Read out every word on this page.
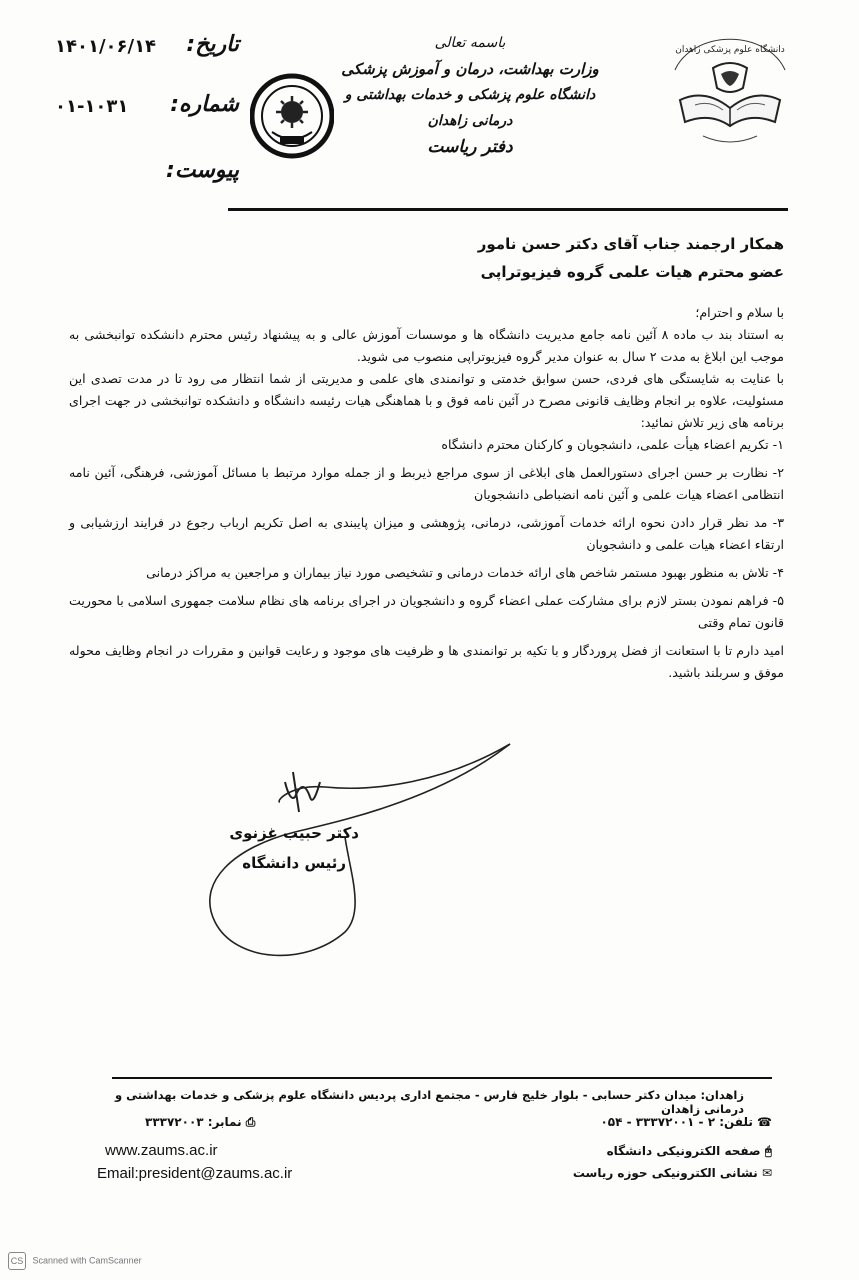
تاریخ:
شماره:
پیوست:
۱۴۰۱/۰۶/۱۴
۰۱-۱۰۳۱
باسمه تعالی
وزارت بهداشت، درمان و آموزش پزشکی
دانشگاه علوم پزشکی و خدمات بهداشتی و درمانی زاهدان
دفتر ریاست
دانشگاه علوم پزشکی زاهدان
همکار ارجمند جناب آقای دکتر حسن نامور
عضو محترم هیات علمی گروه فیزیوتراپی

با سلام و احترام؛

به استناد بند ب ماده ۸ آئین نامه جامع مدیریت دانشگاه ها و موسسات آموزش عالی و به پیشنهاد رئیس محترم دانشکده توانبخشی به موجب این ابلاغ به مدت ۲ سال به عنوان مدیر گروه فیزیوتراپی منصوب می شوید.

با عنایت به شایستگی های فردی، حسن سوابق خدمتی و توانمندی های علمی و مدیریتی از شما انتظار می رود تا در مدت تصدی این مسئولیت، علاوه بر انجام وظایف قانونی مصرح در آئین نامه فوق و با هماهنگی هیات رئیسه دانشگاه و دانشکده توانبخشی در جهت اجرای برنامه های زیر تلاش نمائید:

۱- تکریم اعضاء هیأت علمی، دانشجویان و کارکنان محترم دانشگاه

۲- نظارت بر حسن اجرای دستورالعمل های ابلاغی از سوی مراجع ذیربط و از جمله موارد مرتبط با مسائل آموزشی، فرهنگی، آئین نامه انتظامی اعضاء هیات علمی و آئین نامه انضباطی دانشجویان

۳- مد نظر قرار دادن نحوه ارائه خدمات آموزشی، درمانی، پژوهشی و میزان پایبندی به اصل تکریم ارباب رجوع در فرایند ارزشیابی و ارتقاء اعضاء هیات علمی و دانشجویان

۴- تلاش به منظور بهبود مستمر شاخص های ارائه خدمات درمانی و تشخیصی مورد نیاز بیماران و مراجعین به مراکز درمانی

۵- فراهم نمودن بستر لازم برای مشارکت عملی اعضاء گروه و دانشجویان در اجرای برنامه های نظام سلامت جمهوری اسلامی با محوریت قانون تمام وقتی

امید دارم تا با استعانت از فضل پروردگار و با تکیه بر توانمندی ها و ظرفیت های موجود و رعایت قوانین و مقررات در انجام وظایف محوله موفق و سربلند باشید.

دکتر حبیب غزنوی
رئیس دانشگاه
زاهدان: میدان دکتر حسابی - بلوار خلیج فارس - مجتمع اداری پردیس دانشگاه علوم پزشکی و خدمات بهداشتی و درمانی زاهدان
☎ تلفن: ۲ - ۳۳۳۷۲۰۰۱ - ۰۵۴
⎙ نمابر: ۳۳۳۷۲۰۰۳
🖰 صفحه الکترونیکی دانشگاه
✉ نشانی الکترونیکی حوزه ریاست
www.zaums.ac.ir
Email:president@zaums.ac.ir
CS Scanned with CamScanner
